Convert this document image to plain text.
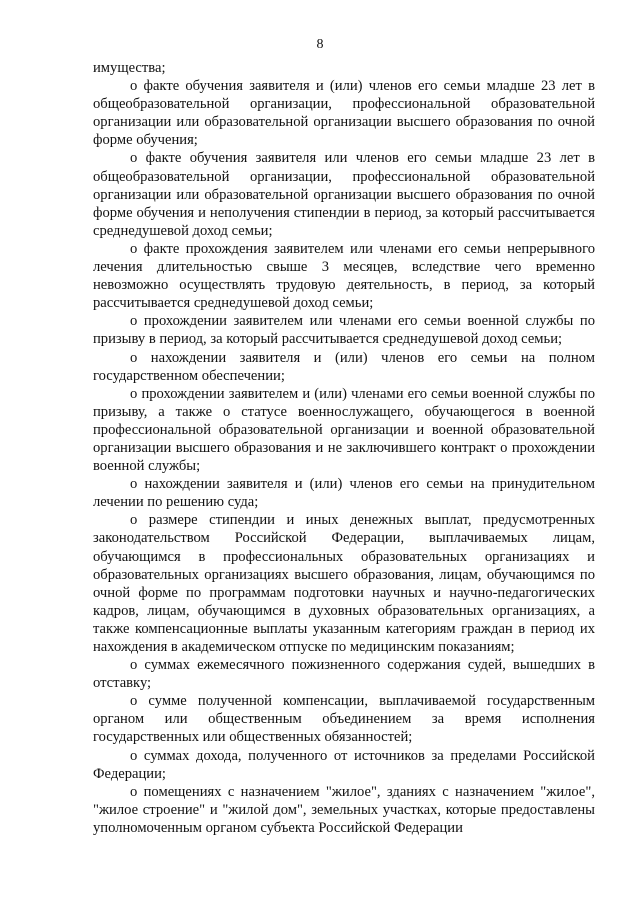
8

имущества;

о факте обучения заявителя и (или) членов его семьи младше 23 лет в общеобразовательной организации, профессиональной образовательной организации или образовательной организации высшего образования по очной форме обучения;

о факте обучения заявителя или членов его семьи младше 23 лет в общеобразовательной организации, профессиональной образовательной организации или образовательной организации высшего образования по очной форме обучения и неполучения стипендии в период, за который рассчитывается среднедушевой доход семьи;

о факте прохождения заявителем или членами его семьи непрерывного лечения длительностью свыше 3 месяцев, вследствие чего временно невозможно осуществлять трудовую деятельность, в период, за который рассчитывается среднедушевой доход семьи;

о прохождении заявителем или членами его семьи военной службы по призыву в период, за который рассчитывается среднедушевой доход семьи;

о нахождении заявителя и (или) членов его семьи на полном государственном обеспечении;

о прохождении заявителем и (или) членами его семьи военной службы по призыву, а также о статусе военнослужащего, обучающегося в военной профессиональной образовательной организации и военной образовательной организации высшего образования и не заключившего контракт о прохождении военной службы;

о нахождении заявителя и (или) членов его семьи на принудительном лечении по решению суда;

о размере стипендии и иных денежных выплат, предусмотренных законодательством Российской Федерации, выплачиваемых лицам, обучающимся в профессиональных образовательных организациях и образовательных организациях высшего образования, лицам, обучающимся по очной форме по программам подготовки научных и научно-педагогических кадров, лицам, обучающимся в духовных образовательных организациях, а также компенсационные выплаты указанным категориям граждан в период их нахождения в академическом отпуске по медицинским показаниям;

о суммах ежемесячного пожизненного содержания судей, вышедших в отставку;

о сумме полученной компенсации, выплачиваемой государственным органом или общественным объединением за время исполнения государственных или общественных обязанностей;

о суммах дохода, полученного от источников за пределами Российской Федерации;

о помещениях с назначением "жилое", зданиях с назначением "жилое", "жилое строение" и "жилой дом", земельных участках, которые предоставлены уполномоченным органом субъекта Российской Федерации
